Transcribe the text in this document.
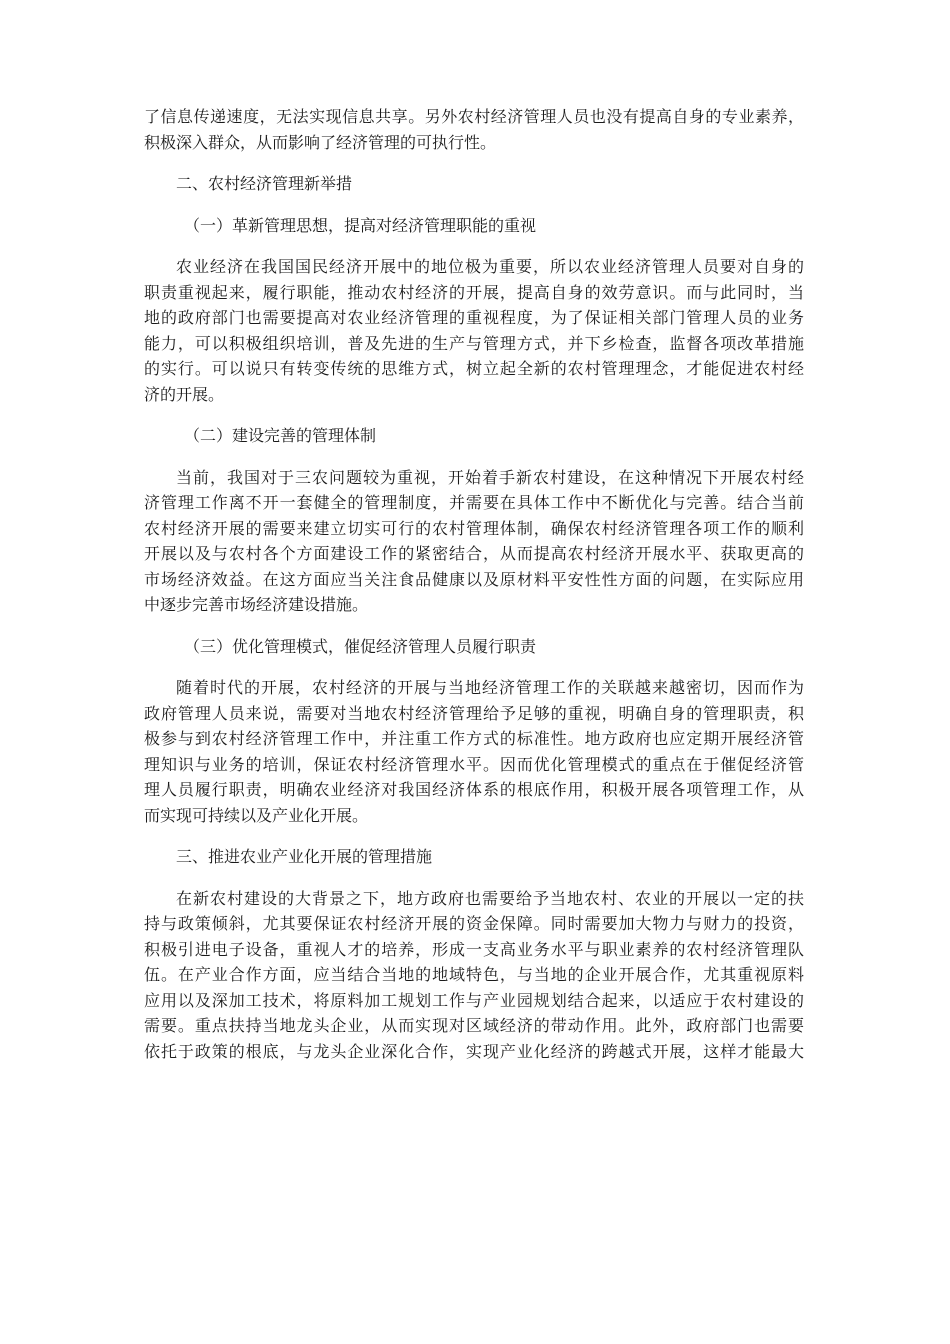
了信息传递速度，无法实现信息共享。另外农村经济管理人员也没有提高自身的专业素养，
积极深入群众，从而影响了经济管理的可执行性。
二、农村经济管理新举措
（一）革新管理思想，提高对经济管理职能的重视
农业经济在我国国民经济开展中的地位极为重要，所以农业经济管理人员要对自身的
职责重视起来，履行职能，推动农村经济的开展，提高自身的效劳意识。而与此同时，当
地的政府部门也需要提高对农业经济管理的重视程度，为了保证相关部门管理人员的业务
能力，可以积极组织培训，普及先进的生产与管理方式，并下乡检查，监督各项改革措施
的实行。可以说只有转变传统的思维方式，树立起全新的农村管理理念，才能促进农村经
济的开展。
（二）建设完善的管理体制
当前，我国对于三农问题较为重视，开始着手新农村建设，在这种情况下开展农村经
济管理工作离不开一套健全的管理制度，并需要在具体工作中不断优化与完善。结合当前
农村经济开展的需要来建立切实可行的农村管理体制，确保农村经济管理各项工作的顺利
开展以及与农村各个方面建设工作的紧密结合，从而提高农村经济开展水平、获取更高的
市场经济效益。在这方面应当关注食品健康以及原材料平安性性方面的问题，在实际应用
中逐步完善市场经济建设措施。
（三）优化管理模式，催促经济管理人员履行职责
随着时代的开展，农村经济的开展与当地经济管理工作的关联越来越密切，因而作为
政府管理人员来说，需要对当地农村经济管理给予足够的重视，明确自身的管理职责，积
极参与到农村经济管理工作中，并注重工作方式的标准性。地方政府也应定期开展经济管
理知识与业务的培训，保证农村经济管理水平。因而优化管理模式的重点在于催促经济管
理人员履行职责，明确农业经济对我国经济体系的根底作用，积极开展各项管理工作，从
而实现可持续以及产业化开展。
三、推进农业产业化开展的管理措施
在新农村建设的大背景之下，地方政府也需要给予当地农村、农业的开展以一定的扶
持与政策倾斜，尤其要保证农村经济开展的资金保障。同时需要加大物力与财力的投资，
积极引进电子设备，重视人才的培养，形成一支高业务水平与职业素养的农村经济管理队
伍。在产业合作方面，应当结合当地的地域特色，与当地的企业开展合作，尤其重视原料
应用以及深加工技术，将原料加工规划工作与产业园规划结合起来，以适应于农村建设的
需要。重点扶持当地龙头企业，从而实现对区域经济的带动作用。此外，政府部门也需要
依托于政策的根底，与龙头企业深化合作，实现产业化经济的跨越式开展，这样才能最大
